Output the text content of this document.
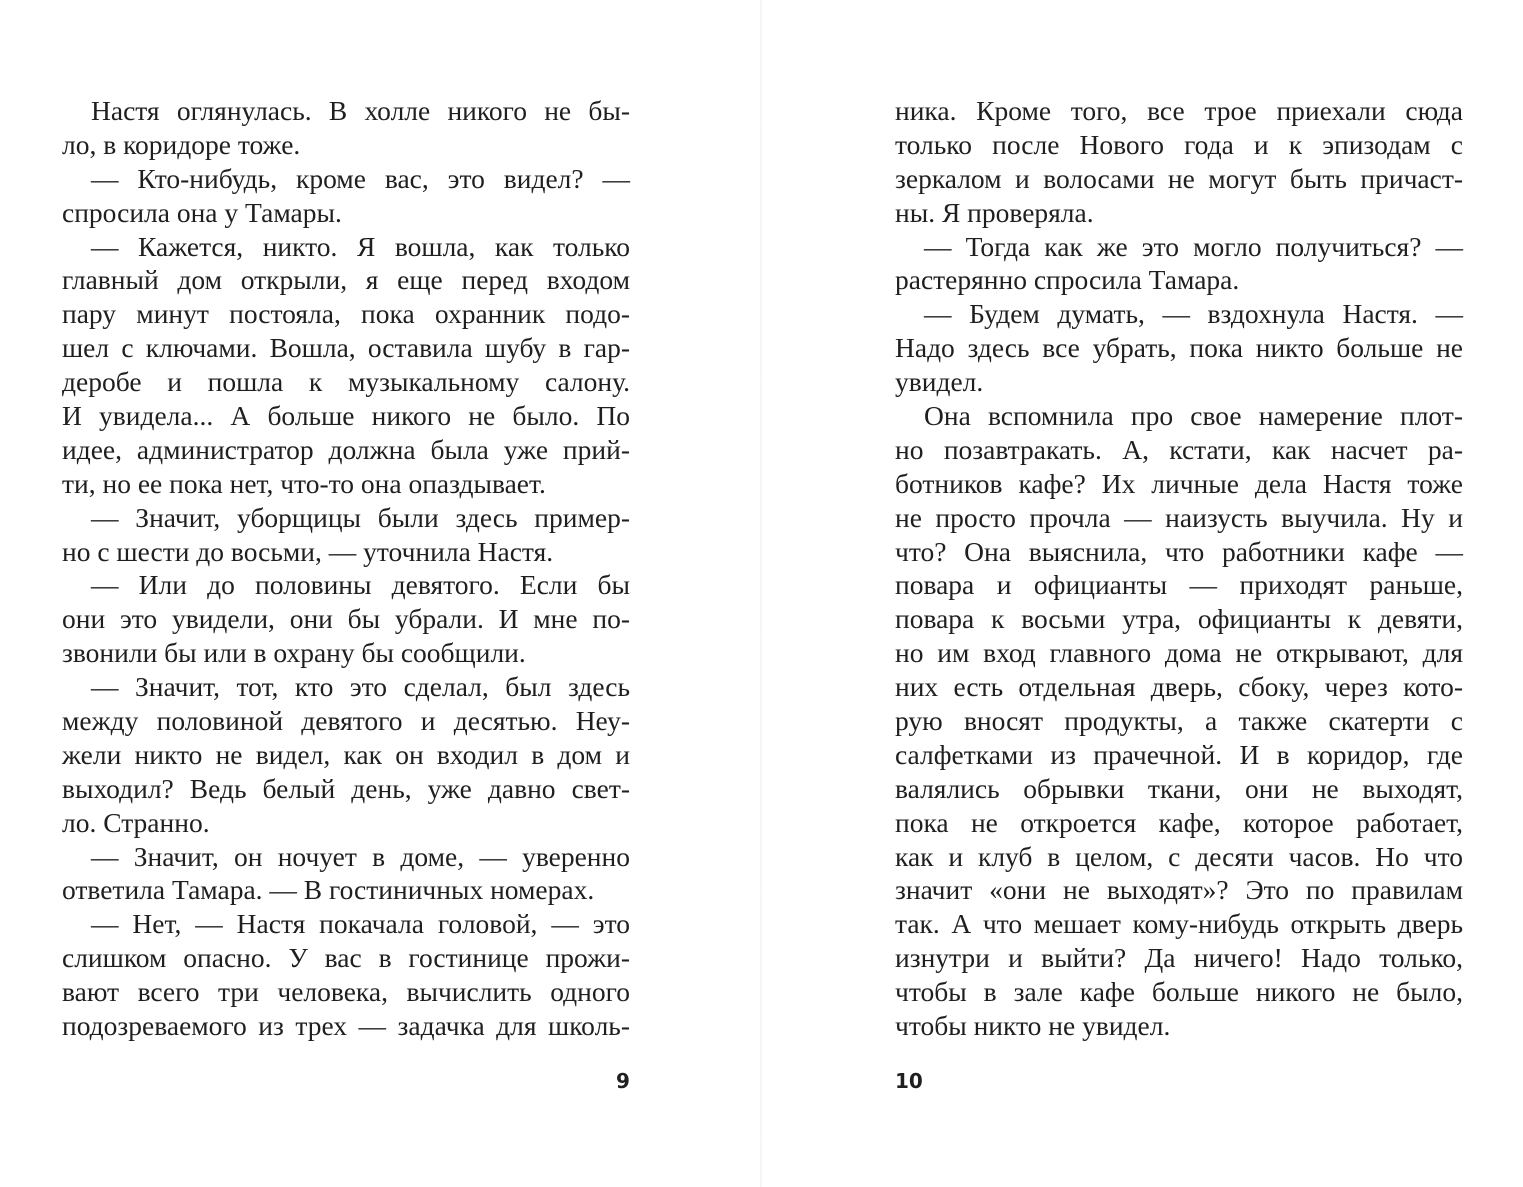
Настя оглянулась. В холле никого не бы-
ло, в коридоре тоже.
— Кто-нибудь, кроме вас, это видел? —
спросила она у Тамары.
— Кажется, никто. Я вошла, как только
главный дом открыли, я еще перед входом
пару минут постояла, пока охранник подо-
шел с ключами. Вошла, оставила шубу в гар-
деробе и пошла к музыкальному салону.
И увидела... А больше никого не было. По
идее, администратор должна была уже прий-
ти, но ее пока нет, что-то она опаздывает.
— Значит, уборщицы были здесь пример-
но с шести до восьми, — уточнила Настя.
— Или до половины девятого. Если бы
они это увидели, они бы убрали. И мне по-
звонили бы или в охрану бы сообщили.
— Значит, тот, кто это сделал, был здесь
между половиной девятого и десятью. Неу-
жели никто не видел, как он входил в дом и
выходил? Ведь белый день, уже давно свет-
ло. Странно.
— Значит, он ночует в доме, — уверенно
ответила Тамара. — В гостиничных номерах.
— Нет, — Настя покачала головой, — это
слишком опасно. У вас в гостинице прожи-
вают всего три человека, вычислить одного
подозреваемого из трех — задачка для школь-
9
ника. Кроме того, все трое приехали сюда
только после Нового года и к эпизодам с
зеркалом и волосами не могут быть причаст-
ны. Я проверяла.
— Тогда как же это могло получиться? —
растерянно спросила Тамара.
— Будем думать, — вздохнула Настя. —
Надо здесь все убрать, пока никто больше не
увидел.
Она вспомнила про свое намерение плот-
но позавтракать. А, кстати, как насчет ра-
ботников кафе? Их личные дела Настя тоже
не просто прочла — наизусть выучила. Ну и
что? Она выяснила, что работники кафе —
повара и официанты — приходят раньше,
повара к восьми утра, официанты к девяти,
но им вход главного дома не открывают, для
них есть отдельная дверь, сбоку, через кото-
рую вносят продукты, а также скатерти с
салфетками из прачечной. И в коридор, где
валялись обрывки ткани, они не выходят,
пока не откроется кафе, которое работает,
как и клуб в целом, с десяти часов. Но что
значит «они не выходят»? Это по правилам
так. А что мешает кому-нибудь открыть дверь
изнутри и выйти? Да ничего! Надо только,
чтобы в зале кафе больше никого не было,
чтобы никто не увидел.
10
